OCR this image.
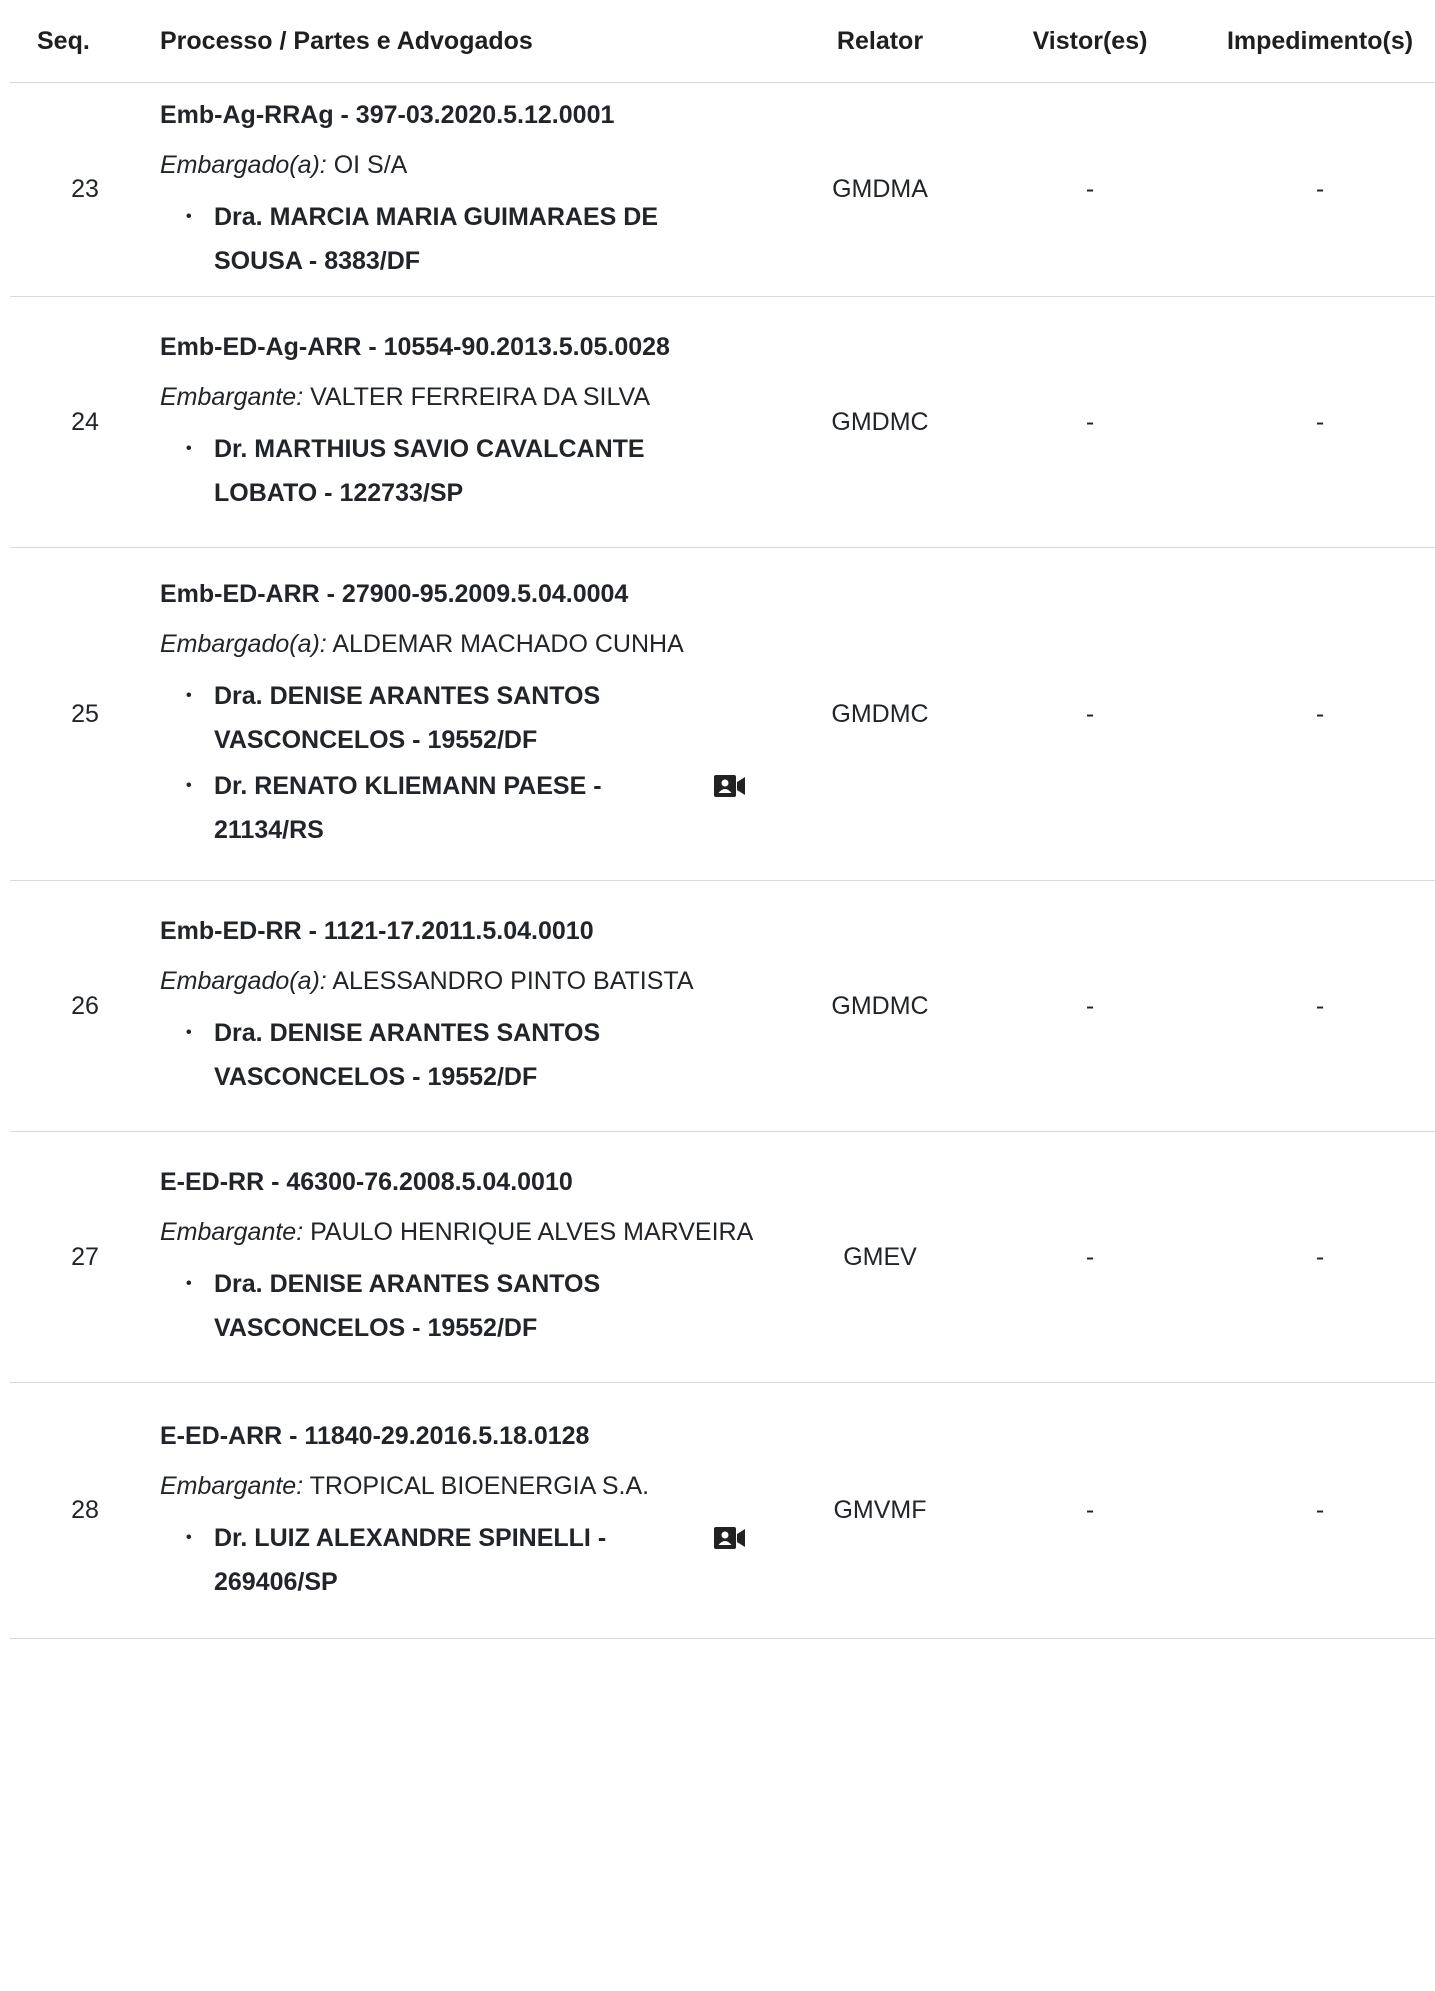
Seq.	Processo / Partes e Advogados	Relator	Vistor(es)	Impedimento(s)
23
Emb-Ag-RRAg - 397-03.2020.5.12.0001
Embargado(a): OI S/A
• Dra. MARCIA MARIA GUIMARAES DE SOUSA - 8383/DF
GMDMA	-	-
24
Emb-ED-Ag-ARR - 10554-90.2013.5.05.0028
Embargante: VALTER FERREIRA DA SILVA
• Dr. MARTHIUS SAVIO CAVALCANTE LOBATO - 122733/SP
GMDMC	-	-
25
Emb-ED-ARR - 27900-95.2009.5.04.0004
Embargado(a): ALDEMAR MACHADO CUNHA
• Dra. DENISE ARANTES SANTOS VASCONCELOS - 19552/DF
• Dr. RENATO KLIEMANN PAESE - 21134/RS
GMDMC	-	-
26
Emb-ED-RR - 1121-17.2011.5.04.0010
Embargado(a): ALESSANDRO PINTO BATISTA
• Dra. DENISE ARANTES SANTOS VASCONCELOS - 19552/DF
GMDMC	-	-
27
E-ED-RR - 46300-76.2008.5.04.0010
Embargante: PAULO HENRIQUE ALVES MARVEIRA
• Dra. DENISE ARANTES SANTOS VASCONCELOS - 19552/DF
GMEV	-	-
28
E-ED-ARR - 11840-29.2016.5.18.0128
Embargante: TROPICAL BIOENERGIA S.A.
• Dr. LUIZ ALEXANDRE SPINELLI - 269406/SP
GMVMF	-	-
